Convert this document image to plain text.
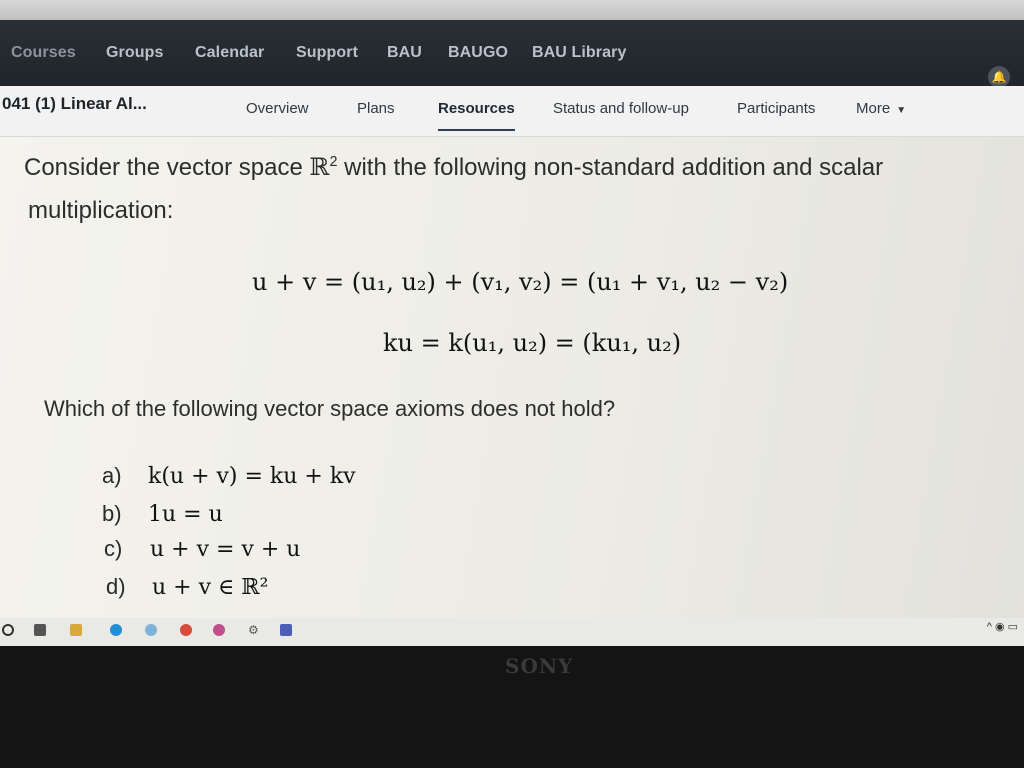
Courses Groups Calendar Support BAU BAUGO BAU Library
🔔
041 (1) Linear Al...	Overview	Plans	Resources	Status and follow-up	Participants	More ▼
Consider the vector space ℝ$^2$ with the following non-standard addition and scalar
multiplication:
u + v = (u₁, u₂) + (v₁, v₂) = (u₁ + v₁, u₂ − v₂)
ku = k(u₁, u₂) = (ku₁, u₂)
Which of the following vector space axioms does not hold?
a) k(u + v) = ku + kv
b) 1u = u
c) u + v = v + u
d) u + v ∈ ℝ²
⚙	^ ◉ ▭
SONY
